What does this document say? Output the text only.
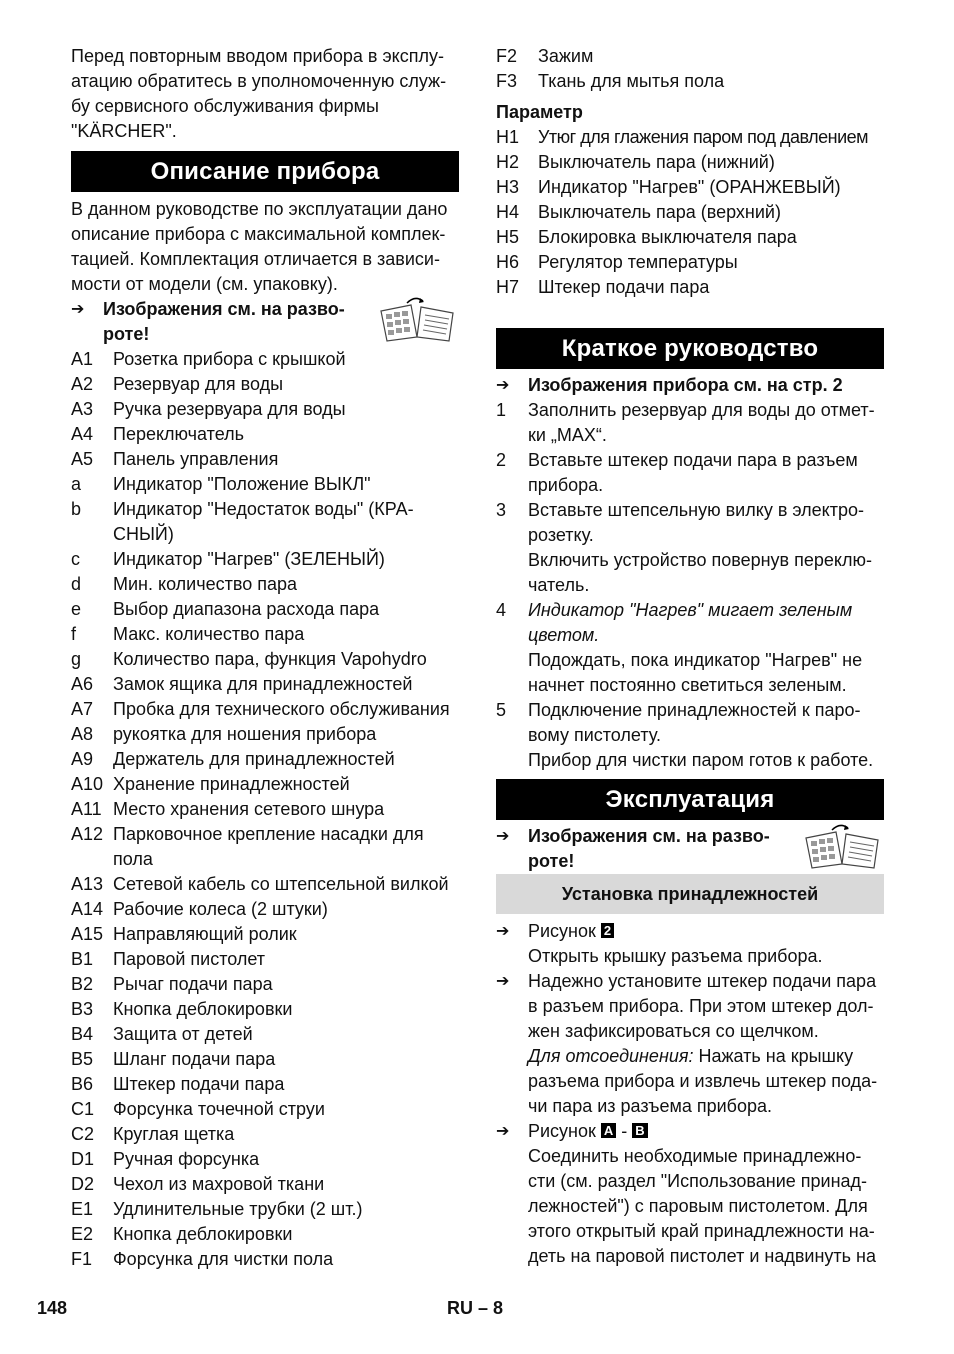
Перед повторным вводом прибора в эксплу-атацию обратитесь в уполномоченную служ-бу сервисного обслуживания фирмы "KÄRCHER".

Описание прибора

В данном руководстве по эксплуатации дано описание прибора с максимальной комплек-тацией. Комплектация отличается в зависи-мости от модели (см. упаковку).

➔	Изображения см. на разво-роте!
A1	Розетка прибора с крышкой
A2	Резервуар для воды
A3	Ручка резервуара для воды
A4	Переключатель
A5	Панель управления
a	Индикатор "Положение ВЫКЛ"
b	Индикатор "Недостаток воды" (КРА-СНЫЙ)
c	Индикатор "Нагрев" (ЗЕЛЕНЫЙ)
d	Мин. количество пара
e	Выбор диапазона расхода пара
f	Макс. количество пара
g	Количество пара, функция Vapohydro
A6	Замок ящика для принадлежностей
A7	Пробка для технического обслуживания
A8	рукоятка для ношения прибора
A9	Держатель для принадлежностей
A10 Хранение принадлежностей
A11 Место хранения сетевого шнура
A12 Парковочное крепление насадки для пола
A13 Сетевой кабель со штепсельной вилкой
A14 Рабочие колеса (2 штуки)
A15 Направляющий ролик
B1	Паровой пистолет
B2	Рычаг подачи пара
B3	Кнопка деблокировки
B4	Защита от детей
B5	Шланг подачи пара
B6	Штекер подачи пара
C1	Форсунка точечной струи
C2	Круглая щетка
D1	Ручная форсунка
D2	Чехол из махровой ткани
E1	Удлинительные трубки (2 шт.)
E2	Кнопка деблокировки
F1	Форсунка для чистки пола
F2	Зажим
F3	Ткань для мытья пола
Параметр
H1	Утюг для глажения паром под давлением
H2	Выключатель пара (нижний)
H3	Индикатор "Нагрев" (ОРАНЖЕВЫЙ)
H4	Выключатель пара (верхний)
H5	Блокировка выключателя пара
H6	Регулятор температуры
H7	Штекер подачи пара
Краткое руководство
➔	Изображения прибора см. на стр. 2
1	Заполнить резервуар для воды до отмет-ки „MAX“.
2	Вставьте штекер подачи пара в разъем прибора.
3	Вставьте штепсельную вилку в электро-розетку.
Включить устройство повернув переклю-чатель.
4	Индикатор "Нагрев" мигает зеленым цветом.
Подождать, пока индикатор "Нагрев" не начнет постоянно светиться зеленым.
5	Подключение принадлежностей к паро-вому пистолету.
Прибор для чистки паром готов к работе.
Эксплуатация
➔	Изображения см. на разво-роте!
Установка принадлежностей
➔	Рисунок 2
Открыть крышку разъема прибора.
➔	Надежно установите штекер подачи пара в разъем прибора. При этом штекер дол-жен зафиксироваться со щелчком.
Для отсоединения: Нажать на крышку разъема прибора и извлечь штекер пода-чи пара из разъема прибора.
➔	Рисунок A - B
Соединить необходимые принадлежно-сти (см. раздел "Использование принад-лежностей") с паровым пистолетом. Для этого открытый край принадлежности на-деть на паровой пистолет и надвинуть на
148	RU – 8
